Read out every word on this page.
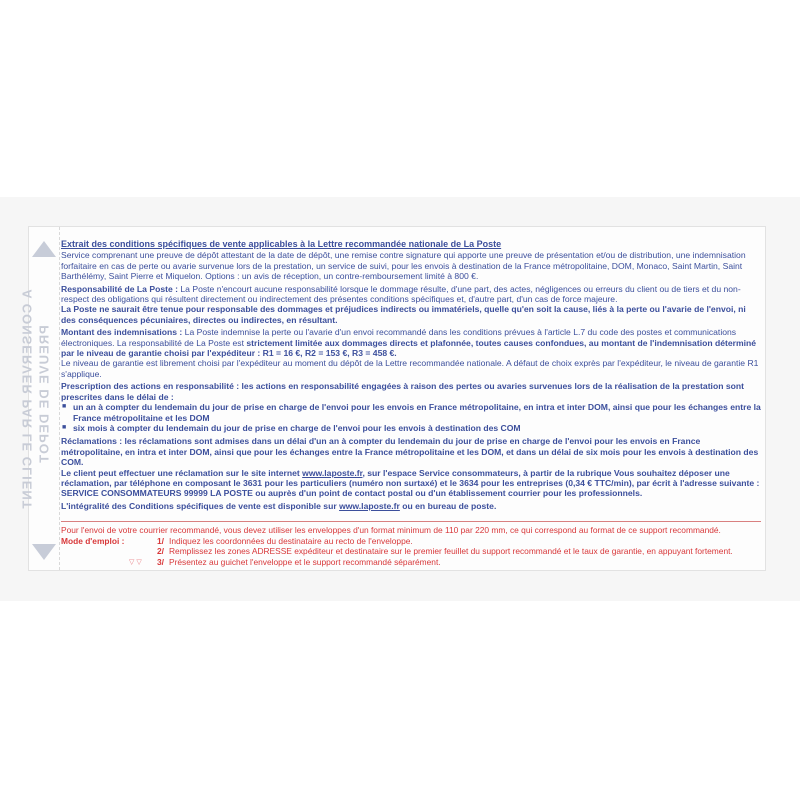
PREUVE DE DEPOT
A CONSERVER PAR LE CLIENT

Extrait des conditions spécifiques de vente applicables à la Lettre recommandée nationale de La Poste

Service comprenant une preuve de dépôt attestant de la date de dépôt, une remise contre signature qui apporte une preuve de présentation et/ou de distribution, une indemnisation forfaitaire en cas de perte ou avarie survenue lors de la prestation, un service de suivi, pour les envois à destination de la France métropolitaine, DOM, Monaco, Saint Martin, Saint Barthélémy, Saint Pierre et Miquelon. Options : un avis de réception, un contre-remboursement limité à 800 €.

Responsabilité de La Poste : La Poste n'encourt aucune responsabilité lorsque le dommage résulte, d'une part, des actes, négligences ou erreurs du client ou de tiers et du non-respect des obligations qui résultent directement ou indirectement des présentes conditions spécifiques et, d'autre part, d'un cas de force majeure.
La Poste ne saurait être tenue pour responsable des dommages et préjudices indirects ou immatériels, quelle qu'en soit la cause, liés à la perte ou l'avarie de l'envoi, ni des conséquences pécuniaires, directes ou indirectes, en résultant.

Montant des indemnisations : La Poste indemnise la perte ou l'avarie d'un envoi recommandé dans les conditions prévues à l'article L.7 du code des postes et communications électroniques. La responsabilité de La Poste est strictement limitée aux dommages directs et plafonnée, toutes causes confondues, au montant de l'indemnisation déterminé par le niveau de garantie choisi par l'expéditeur : R1 = 16 €, R2 = 153 €, R3 = 458 €.
Le niveau de garantie est librement choisi par l'expéditeur au moment du dépôt de la Lettre recommandée nationale. A défaut de choix exprès par l'expéditeur, le niveau de garantie R1 s'applique.

Prescription des actions en responsabilité : les actions en responsabilité engagées à raison des pertes ou avaries survenues lors de la réalisation de la prestation sont prescrites dans le délai de :

■ un an à compter du lendemain du jour de prise en charge de l'envoi pour les envois en France métropolitaine, en intra et inter DOM, ainsi que pour les échanges entre la France métropolitaine et les DOM
■ six mois à compter du lendemain du jour de prise en charge de l'envoi pour les envois à destination des COM

Réclamations : les réclamations sont admises dans un délai d'un an à compter du lendemain du jour de prise en charge de l'envoi pour les envois en France métropolitaine, en intra et inter DOM, ainsi que pour les échanges entre la France métropolitaine et les DOM, et dans un délai de six mois pour les envois à destination des COM.
Le client peut effectuer une réclamation sur le site internet www.laposte.fr, sur l'espace Service consommateurs, à partir de la rubrique Vous souhaitez déposer une réclamation, par téléphone en composant le 3631 pour les particuliers (numéro non surtaxé) et le 3634 pour les entreprises (0,34 € TTC/min), par écrit à l'adresse suivante : SERVICE CONSOMMATEURS 99999 LA POSTE ou auprès d'un point de contact postal ou d'un établissement courrier pour les professionnels.

L'intégralité des Conditions spécifiques de vente est disponible sur www.laposte.fr ou en bureau de poste.

Pour l'envoi de votre courrier recommandé, vous devez utiliser les enveloppes d'un format minimum de 110 par 220 mm, ce qui correspond au format de ce support recommandé.
Mode d'emploi :	1/ Indiquez les coordonnées du destinataire au recto de l'enveloppe.
2/ Remplissez les zones ADRESSE expéditeur et destinataire sur le premier feuillet du support recommandé et le taux de garantie, en appuyant fortement.
▽▽ 3/ Présentez au guichet l'enveloppe et le support recommandé séparément.
